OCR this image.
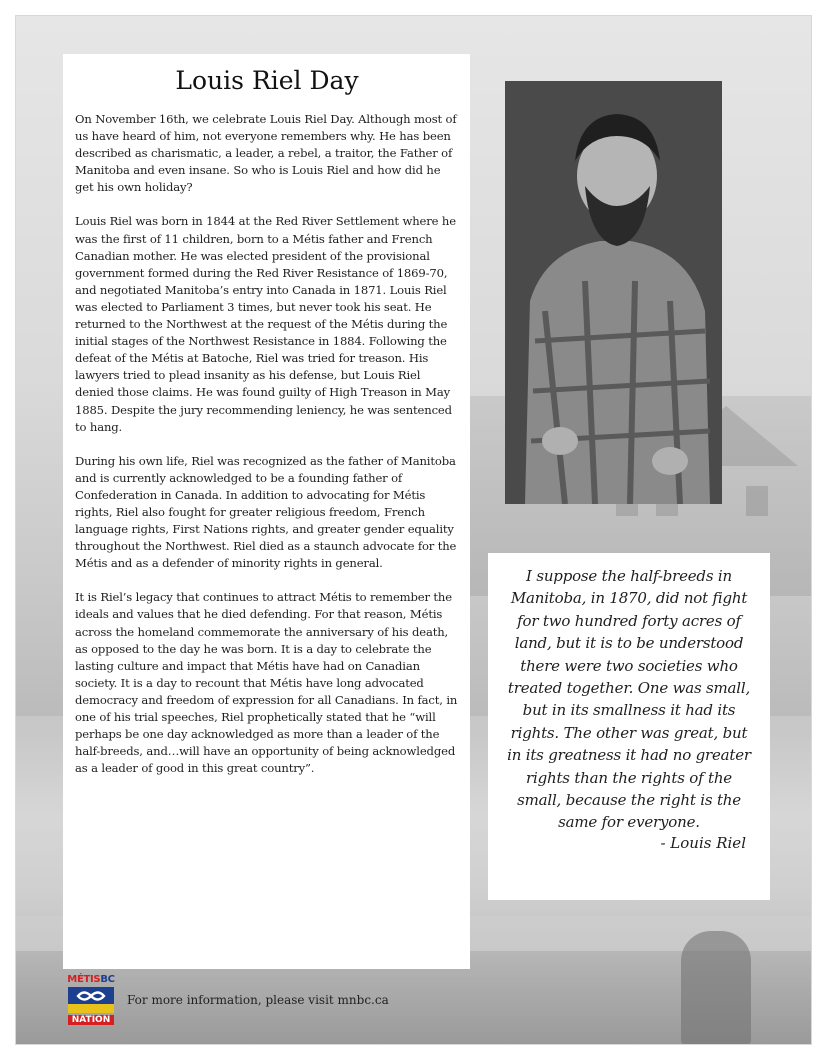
Louis Riel Day

On November 16th, we celebrate Louis Riel Day. Although most of us have heard of him, not everyone remembers why. He has been described as charismatic, a leader, a rebel, a traitor, the Father of Manitoba and even insane. So who is Louis Riel and how did he get his own holiday?

Louis Riel was born in 1844 at the Red River Settlement where he was the first of 11 children, born to a Métis father and French Canadian mother. He was elected president of the provisional government formed during the Red River Resistance of 1869-70, and negotiated Manitoba’s entry into Canada in 1871. Louis Riel was elected to Parliament 3 times, but never took his seat. He returned to the Northwest at the request of the Métis during the initial stages of the Northwest Resistance in 1884. Following the defeat of the Métis at Batoche, Riel was tried for treason. His lawyers tried to plead insanity as his defense, but Louis Riel denied those claims. He was found guilty of High Treason in May 1885. Despite the jury recommending leniency, he was sentenced to hang.

During his own life, Riel was recognized as the father of Manitoba and is currently acknowledged to be a founding father of Confederation in Canada. In addition to advocating for Métis rights, Riel also fought for greater religious freedom, French language rights, First Nations rights, and greater gender equality throughout the Northwest. Riel died as a staunch advocate for the Métis and as a defender of minority rights in general.

It is Riel’s legacy that continues to attract Métis to remember the ideals and values that he died defending. For that reason, Métis across the homeland commemorate the anniversary of his death, as opposed to the day he was born. It is a day to celebrate the lasting culture and impact that Métis have had on Canadian society. It is a day to recount that Métis have long advocated democracy and freedom of expression for all Canadians. In fact, in one of his trial speeches, Riel prophetically stated that he “will perhaps be one day acknowledged as more than a leader of the half-breeds, and…will have an opportunity of being acknowledged as a leader of good in this great country”.

I suppose the half-breeds in Manitoba, in 1870, did not fight for two hundred forty acres of land, but it is to be understood there were two societies who treated together. One was small, but in its smallness it had its rights. The other was great, but in its greatness it had no greater rights than the rights of the small, because the right is the same for everyone.

- Louis Riel

MÉTISBC
NATION
For more information, please visit mnbc.ca
